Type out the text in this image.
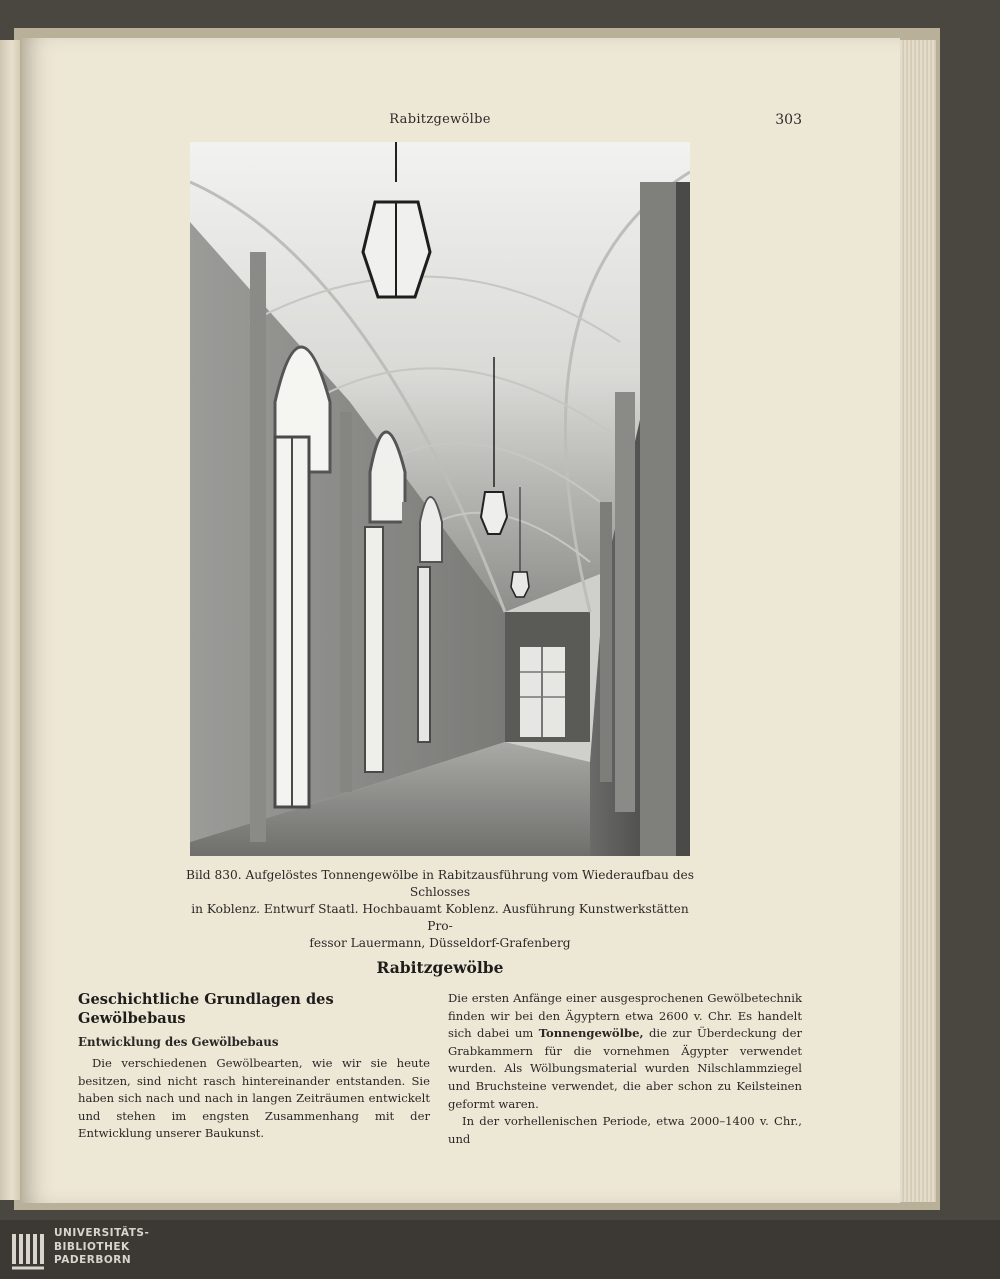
Rabitzgewölbe	303

Bild 830. Aufgelöstes Tonnengewölbe in Rabitzausführung vom Wiederaufbau des Schlosses

in Koblenz. Entwurf Staatl. Hochbauamt Koblenz. Ausführung Kunstwerkstätten Pro-

fessor Lauermann, Düsseldorf-Grafenberg

Rabitzgewölbe
Geschichtliche Grundlagen des Gewölbebaus
Entwicklung des Gewölbebaus

Die verschiedenen Gewölbearten, wie wir sie heute besitzen, sind nicht rasch hintereinander entstanden. Sie haben sich nach und nach in langen Zeiträumen entwickelt und stehen im engsten Zusammenhang mit der Entwicklung unserer Baukunst.

Die ersten Anfänge einer ausgesprochenen Gewölbetechnik finden wir bei den Ägyptern etwa 2600 v. Chr. Es handelt sich dabei um Tonnengewölbe, die zur Überdeckung der Grabkammern für die vornehmen Ägypter verwendet wurden. Als Wölbungsmaterial wurden Nilschlammziegel und Bruchsteine verwendet, die aber schon zu Keilsteinen geformt waren.

In der vorhellenischen Periode, etwa 2000–1400 v. Chr., und

UNIVERSITÄTS-
BIBLIOTHEK
PADERBORN
